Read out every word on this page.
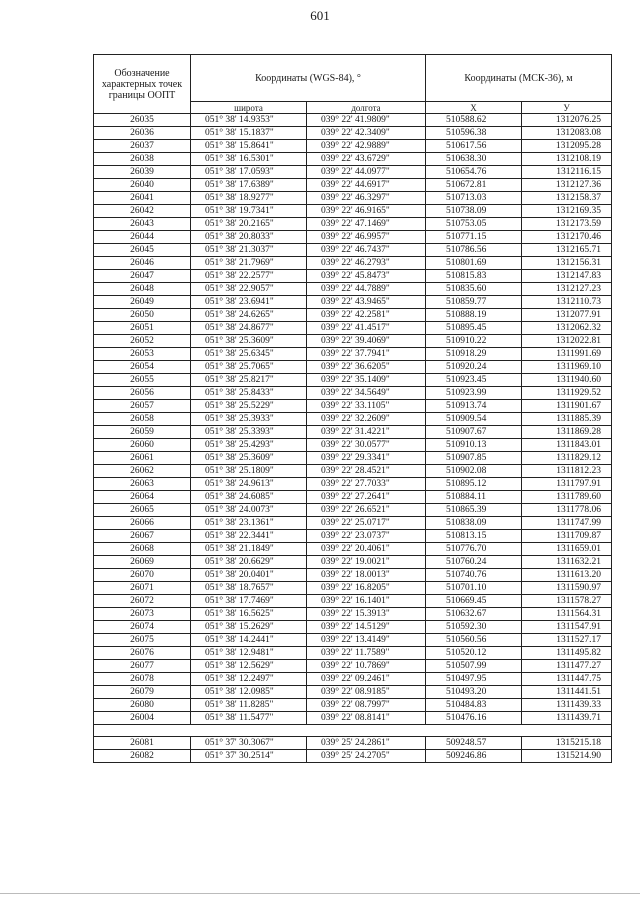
601
Обозначение характерных точек границы ООПТ	Координаты (WGS-84), °		Координаты (МСК-36), м	
	широта	долгота	X	У
26035	051° 38' 14.9353"	039° 22' 41.9809"	510588.62	1312076.25
26036	051° 38' 15.1837"	039° 22' 42.3409"	510596.38	1312083.08
26037	051° 38' 15.8641"	039° 22' 42.9889"	510617.56	1312095.28
26038	051° 38' 16.5301"	039° 22' 43.6729"	510638.30	1312108.19
26039	051° 38' 17.0593"	039° 22' 44.0977"	510654.76	1312116.15
26040	051° 38' 17.6389"	039° 22' 44.6917"	510672.81	1312127.36
26041	051° 38' 18.9277"	039° 22' 46.3297"	510713.03	1312158.37
26042	051° 38' 19.7341"	039° 22' 46.9165"	510738.09	1312169.35
26043	051° 38' 20.2165"	039° 22' 47.1469"	510753.05	1312173.59
26044	051° 38' 20.8033"	039° 22' 46.9957"	510771.15	1312170.46
26045	051° 38' 21.3037"	039° 22' 46.7437"	510786.56	1312165.71
26046	051° 38' 21.7969"	039° 22' 46.2793"	510801.69	1312156.31
26047	051° 38' 22.2577"	039° 22' 45.8473"	510815.83	1312147.83
26048	051° 38' 22.9057"	039° 22' 44.7889"	510835.60	1312127.23
26049	051° 38' 23.6941"	039° 22' 43.9465"	510859.77	1312110.73
26050	051° 38' 24.6265"	039° 22' 42.2581"	510888.19	1312077.91
26051	051° 38' 24.8677"	039° 22' 41.4517"	510895.45	1312062.32
26052	051° 38' 25.3609"	039° 22' 39.4069"	510910.22	1312022.81
26053	051° 38' 25.6345"	039° 22' 37.7941"	510918.29	1311991.69
26054	051° 38' 25.7065"	039° 22' 36.6205"	510920.24	1311969.10
26055	051° 38' 25.8217"	039° 22' 35.1409"	510923.45	1311940.60
26056	051° 38' 25.8433"	039° 22' 34.5649"	510923.99	1311929.52
26057	051° 38' 25.5229"	039° 22' 33.1105"	510913.74	1311901.67
26058	051° 38' 25.3933"	039° 22' 32.2609"	510909.54	1311885.39
26059	051° 38' 25.3393"	039° 22' 31.4221"	510907.67	1311869.28
26060	051° 38' 25.4293"	039° 22' 30.0577"	510910.13	1311843.01
26061	051° 38' 25.3609"	039° 22' 29.3341"	510907.85	1311829.12
26062	051° 38' 25.1809"	039° 22' 28.4521"	510902.08	1311812.23
26063	051° 38' 24.9613"	039° 22' 27.7033"	510895.12	1311797.91
26064	051° 38' 24.6085"	039° 22' 27.2641"	510884.11	1311789.60
26065	051° 38' 24.0073"	039° 22' 26.6521"	510865.39	1311778.06
26066	051° 38' 23.1361"	039° 22' 25.0717"	510838.09	1311747.99
26067	051° 38' 22.3441"	039° 22' 23.0737"	510813.15	1311709.87
26068	051° 38' 21.1849"	039° 22' 20.4061"	510776.70	1311659.01
26069	051° 38' 20.6629"	039° 22' 19.0021"	510760.24	1311632.21
26070	051° 38' 20.0401"	039° 22' 18.0013"	510740.76	1311613.20
26071	051° 38' 18.7657"	039° 22' 16.8205"	510701.10	1311590.97
26072	051° 38' 17.7469"	039° 22' 16.1401"	510669.45	1311578.27
26073	051° 38' 16.5625"	039° 22' 15.3913"	510632.67	1311564.31
26074	051° 38' 15.2629"	039° 22' 14.5129"	510592.30	1311547.91
26075	051° 38' 14.2441"	039° 22' 13.4149"	510560.56	1311527.17
26076	051° 38' 12.9481"	039° 22' 11.7589"	510520.12	1311495.82
26077	051° 38' 12.5629"	039° 22' 10.7869"	510507.99	1311477.27
26078	051° 38' 12.2497"	039° 22' 09.2461"	510497.95	1311447.75
26079	051° 38' 12.0985"	039° 22' 08.9185"	510493.20	1311441.51
26080	051° 38' 11.8285"	039° 22' 08.7997"	510484.83	1311439.33
26004	051° 38' 11.5477"	039° 22' 08.8141"	510476.16	1311439.71

26081	051° 37' 30.3067"	039° 25' 24.2861"	509248.57	1315215.18
26082	051° 37' 30.2514"	039° 25' 24.2705"	509246.86	1315214.90
